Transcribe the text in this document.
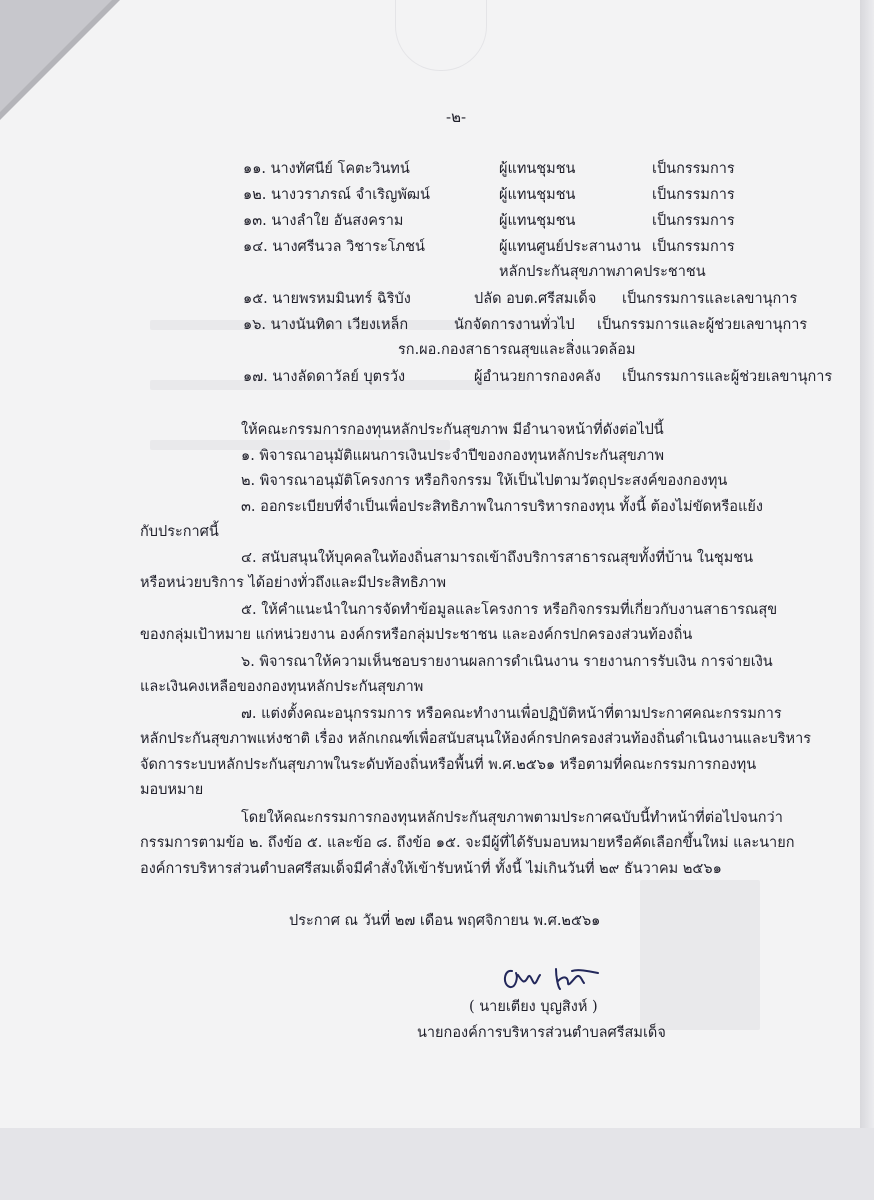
-๒-
๑๑. นางทัศนีย์ โคตะวินทน์	ผู้แทนชุมชน	เป็นกรรมการ
๑๒. นางวราภรณ์ จำเริญพัฒน์	ผู้แทนชุมชน	เป็นกรรมการ
๑๓. นางลำใย อันสงคราม	ผู้แทนชุมชน	เป็นกรรมการ
๑๔. นางศรีนวล วิชาระโภชน์	ผู้แทนศูนย์ประสานงาน เป็นกรรมการ
หลักประกันสุขภาพภาคประชาชน
๑๕. นายพรหมมินทร์ ฉิริบัง	ปลัด อบต.ศรีสมเด็จ เป็นกรรมการและเลขานุการ
๑๖. นางนันทิดา เวียงเหล็ก	นักจัดการงานทั่วไป เป็นกรรมการและผู้ช่วยเลขานุการ
รก.ผอ.กองสาธารณสุขและสิ่งแวดล้อม
๑๗. นางลัดดาวัลย์ บุตรวัง	ผู้อำนวยการกองคลัง เป็นกรรมการและผู้ช่วยเลขานุการ
ให้คณะกรรมการกองทุนหลักประกันสุขภาพ มีอำนาจหน้าที่ดังต่อไปนี้
๑. พิจารณาอนุมัติแผนการเงินประจำปีของกองทุนหลักประกันสุขภาพ
๒. พิจารณาอนุมัติโครงการ หรือกิจกรรม ให้เป็นไปตามวัตถุประสงค์ของกองทุน
๓. ออกระเบียบที่จำเป็นเพื่อประสิทธิภาพในการบริหารกองทุน ทั้งนี้ ต้องไม่ขัดหรือแย้ง
กับประกาศนี้
๔. สนับสนุนให้บุคคลในท้องถิ่นสามารถเข้าถึงบริการสาธารณสุขทั้งที่บ้าน ในชุมชน
หรือหน่วยบริการ ได้อย่างทั่วถึงและมีประสิทธิภาพ
๕. ให้คำแนะนำในการจัดทำข้อมูลและโครงการ หรือกิจกรรมที่เกี่ยวกับงานสาธารณสุข
ของกลุ่มเป้าหมาย แก่หน่วยงาน องค์กรหรือกลุ่มประชาชน และองค์กรปกครองส่วนท้องถิ่น
๖. พิจารณาให้ความเห็นชอบรายงานผลการดำเนินงาน รายงานการรับเงิน การจ่ายเงิน
และเงินคงเหลือของกองทุนหลักประกันสุขภาพ
๗. แต่งตั้งคณะอนุกรรมการ หรือคณะทำงานเพื่อปฏิบัติหน้าที่ตามประกาศคณะกรรมการ
หลักประกันสุขภาพแห่งชาติ เรื่อง หลักเกณฑ์เพื่อสนับสนุนให้องค์กรปกครองส่วนท้องถิ่นดำเนินงานและบริหาร
จัดการระบบหลักประกันสุขภาพในระดับท้องถิ่นหรือพื้นที่ พ.ศ.๒๕๖๑ หรือตามที่คณะกรรมการกองทุน
มอบหมาย
โดยให้คณะกรรมการกองทุนหลักประกันสุขภาพตามประกาศฉบับนี้ทำหน้าที่ต่อไปจนกว่า
กรรมการตามข้อ ๒. ถึงข้อ ๕. และข้อ ๘. ถึงข้อ ๑๕. จะมีผู้ที่ได้รับมอบหมายหรือคัดเลือกขึ้นใหม่ และนายก
องค์การบริหารส่วนตำบลศรีสมเด็จมีคำสั่งให้เข้ารับหน้าที่ ทั้งนี้ ไม่เกินวันที่ ๒๙ ธันวาคม ๒๕๖๑
ประกาศ ณ วันที่ ๒๗ เดือน พฤศจิกายน พ.ศ.๒๕๖๑
( นายเตียง บุญสิงห์ )
นายกองค์การบริหารส่วนตำบลศรีสมเด็จ
